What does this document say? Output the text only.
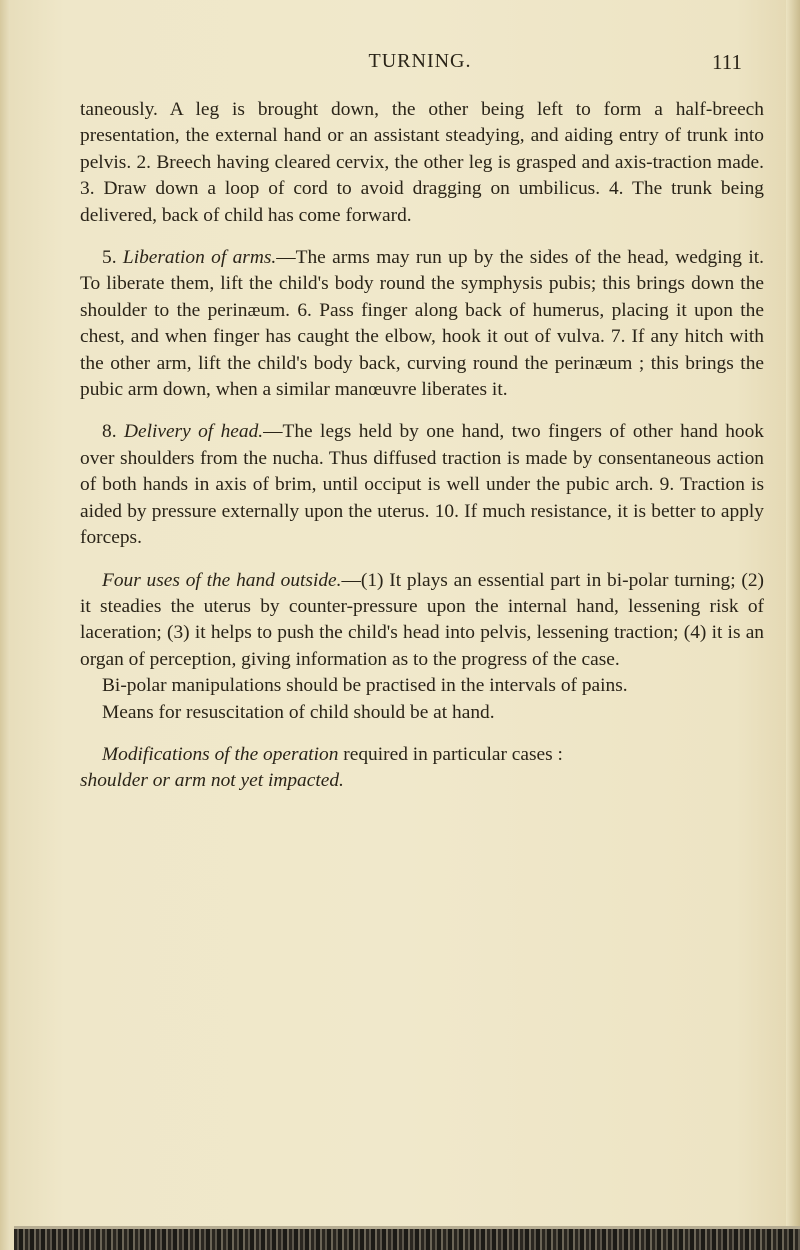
TURNING.	111

taneously. A leg is brought down, the other being left to form a half-breech presentation, the external hand or an assistant steadying, and aiding entry of trunk into pelvis. 2. Breech having cleared cervix, the other leg is grasped and axis-traction made. 3. Draw down a loop of cord to avoid dragging on umbilicus. 4. The trunk being delivered, back of child has come forward.

5. Liberation of arms.—The arms may run up by the sides of the head, wedging it. To liberate them, lift the child's body round the symphysis pubis; this brings down the shoulder to the perinæum. 6. Pass finger along back of humerus, placing it upon the chest, and when finger has caught the elbow, hook it out of vulva. 7. If any hitch with the other arm, lift the child's body back, curving round the perinæum ; this brings the pubic arm down, when a similar manœuvre liberates it.

8. Delivery of head.—The legs held by one hand, two fingers of other hand hook over shoulders from the nucha. Thus diffused traction is made by consentaneous action of both hands in axis of brim, until occiput is well under the pubic arch. 9. Traction is aided by pressure externally upon the uterus. 10. If much resistance, it is better to apply forceps.

Four uses of the hand outside.—(1) It plays an essential part in bi-polar turning; (2) it steadies the uterus by counter-pressure upon the internal hand, lessening risk of laceration; (3) it helps to push the child's head into pelvis, lessening traction; (4) it is an organ of perception, giving information as to the progress of the case.

Bi-polar manipulations should be practised in the intervals of pains.

Means for resuscitation of child should be at hand.

Modifications of the operation required in particular cases :
shoulder or arm not yet impacted.
